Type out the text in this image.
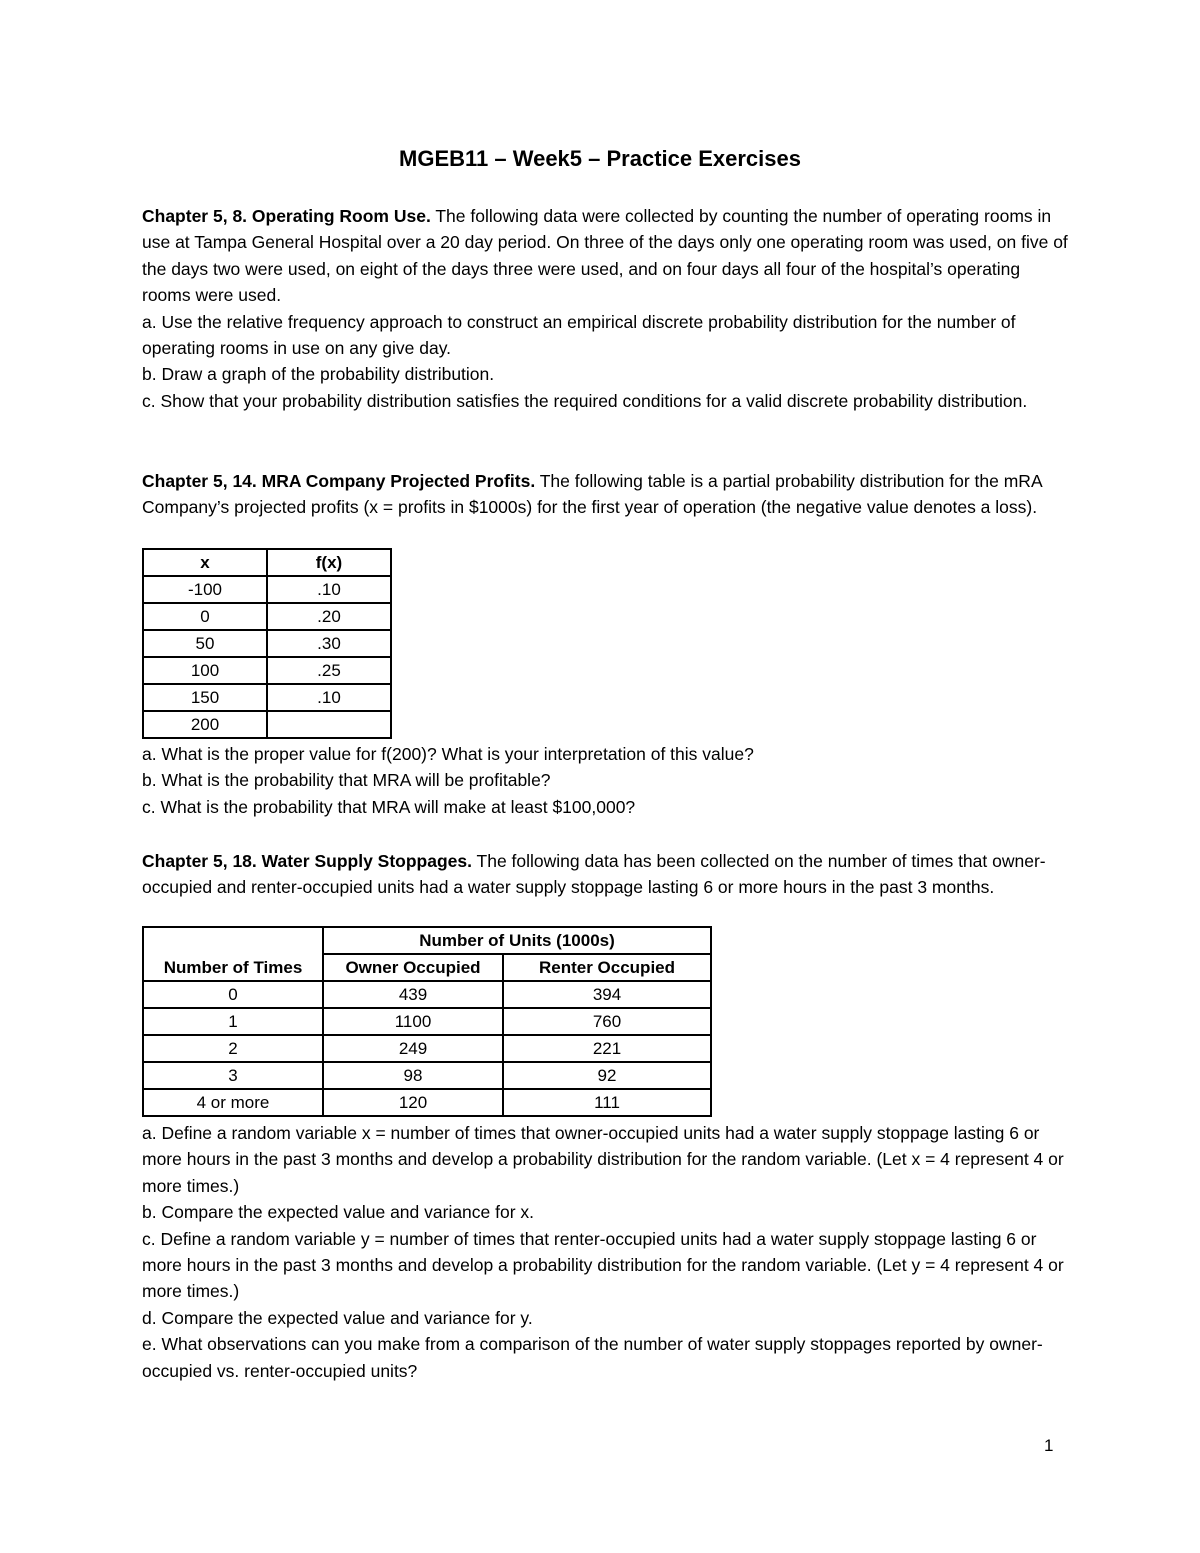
MGEB11 – Week5 – Practice Exercises

Chapter 5, 8. Operating Room Use. The following data were collected by counting the number of operating rooms in use at Tampa General Hospital over a 20 day period. On three of the days only one operating room was used, on five of the days two were used, on eight of the days three were used, and on four days all four of the hospital’s operating rooms were used.

a. Use the relative frequency approach to construct an empirical discrete probability distribution for the number of operating rooms in use on any give day.

b. Draw a graph of the probability distribution.

c. Show that your probability distribution satisfies the required conditions for a valid discrete probability distribution.

Chapter 5, 14. MRA Company Projected Profits. The following table is a partial probability distribution for the mRA Company’s projected profits (x = profits in $1000s) for the first year of operation (the negative value denotes a loss).

x	f(x)
-100	.10
0	.20
50	.30
100	.25
150	.10
200	

a. What is the proper value for f(200)? What is your interpretation of this value?

b. What is the probability that MRA will be profitable?

c. What is the probability that MRA will make at least $100,000?

Chapter 5, 18. Water Supply Stoppages. The following data has been collected on the number of times that owner-occupied and renter-occupied units had a water supply stoppage lasting 6 or more hours in the past 3 months.

Number of Times	Number of Units (1000s)	
	Owner Occupied	Renter Occupied
0	439	394
1	1100	760
2	249	221
3	98	92
4 or more	120	111

a. Define a random variable x = number of times that owner-occupied units had a water supply stoppage lasting 6 or more hours in the past 3 months and develop a probability distribution for the random variable. (Let x = 4 represent 4 or more times.)

b. Compare the expected value and variance for x.

c. Define a random variable y = number of times that renter-occupied units had a water supply stoppage lasting 6 or more hours in the past 3 months and develop a probability distribution for the random variable. (Let y = 4 represent 4 or more times.)

d. Compare the expected value and variance for y.

e. What observations can you make from a comparison of the number of water supply stoppages reported by owner-occupied vs. renter-occupied units?

1
